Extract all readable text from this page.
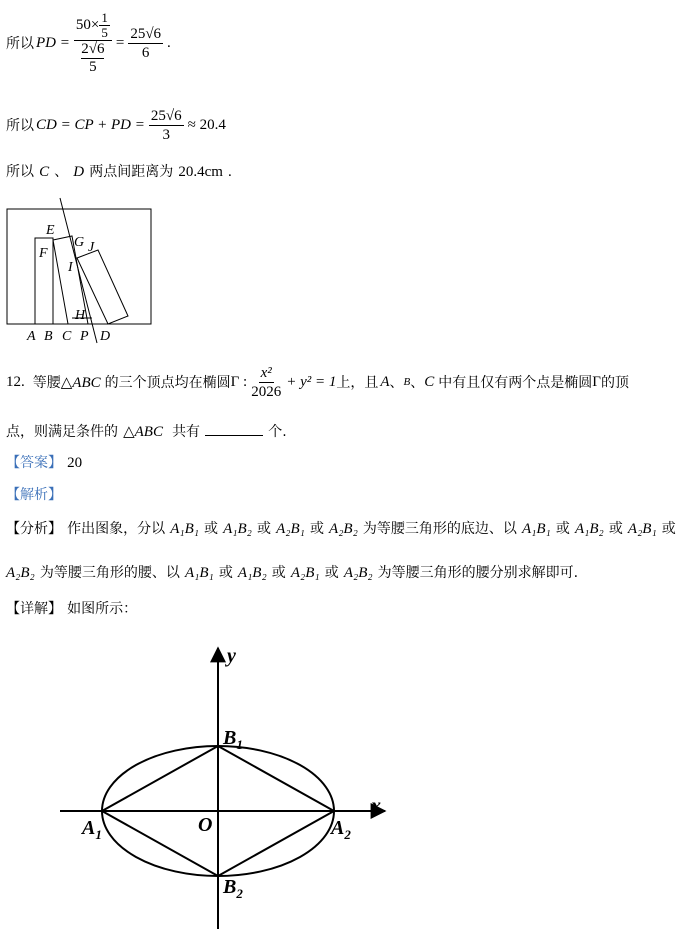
所以 PD = $\frac{50\times \frac{1}{5}}{\frac{2√6}{5}} = \frac{25√6}{6}$ .
所以 CD = CP + PD = $\frac{25√6}{3} \approx 20.4$
所以 C 、 D 两点间距离为 20.4cm .
E
F
G J
I
H
A B C P D
12. 等腰 △ABC 的三个顶点均在椭圆 Γ : $\frac{\text{x²}}{2026} + y^2 = 1$ 上，且 A 、 B 、 C 中有且仅有两个点是椭圆 Γ 的顶
点，则满足条件的 △ABC 共有	个.
【答案】 20
【解析】
【分析】 作出图象，分以 A₁B₁ 或 A₁B₂ 或 A₂B₁ 或 A₂B₂ 为等腰三角形的底边、以 A₁B₁ 或 A₁B₂ 或 A₂B₁ 或
A₂B₂ 为等腰三角形的腰、以 A₁B₁ 或 A₁B₂ 或 A₂B₁ 或 A₂B₂ 为等腰三角形的腰分别求解即可.
【详解】 如图所示：
y
x
O
$B_1$
$B_2$
$A_1$	$A_2$
